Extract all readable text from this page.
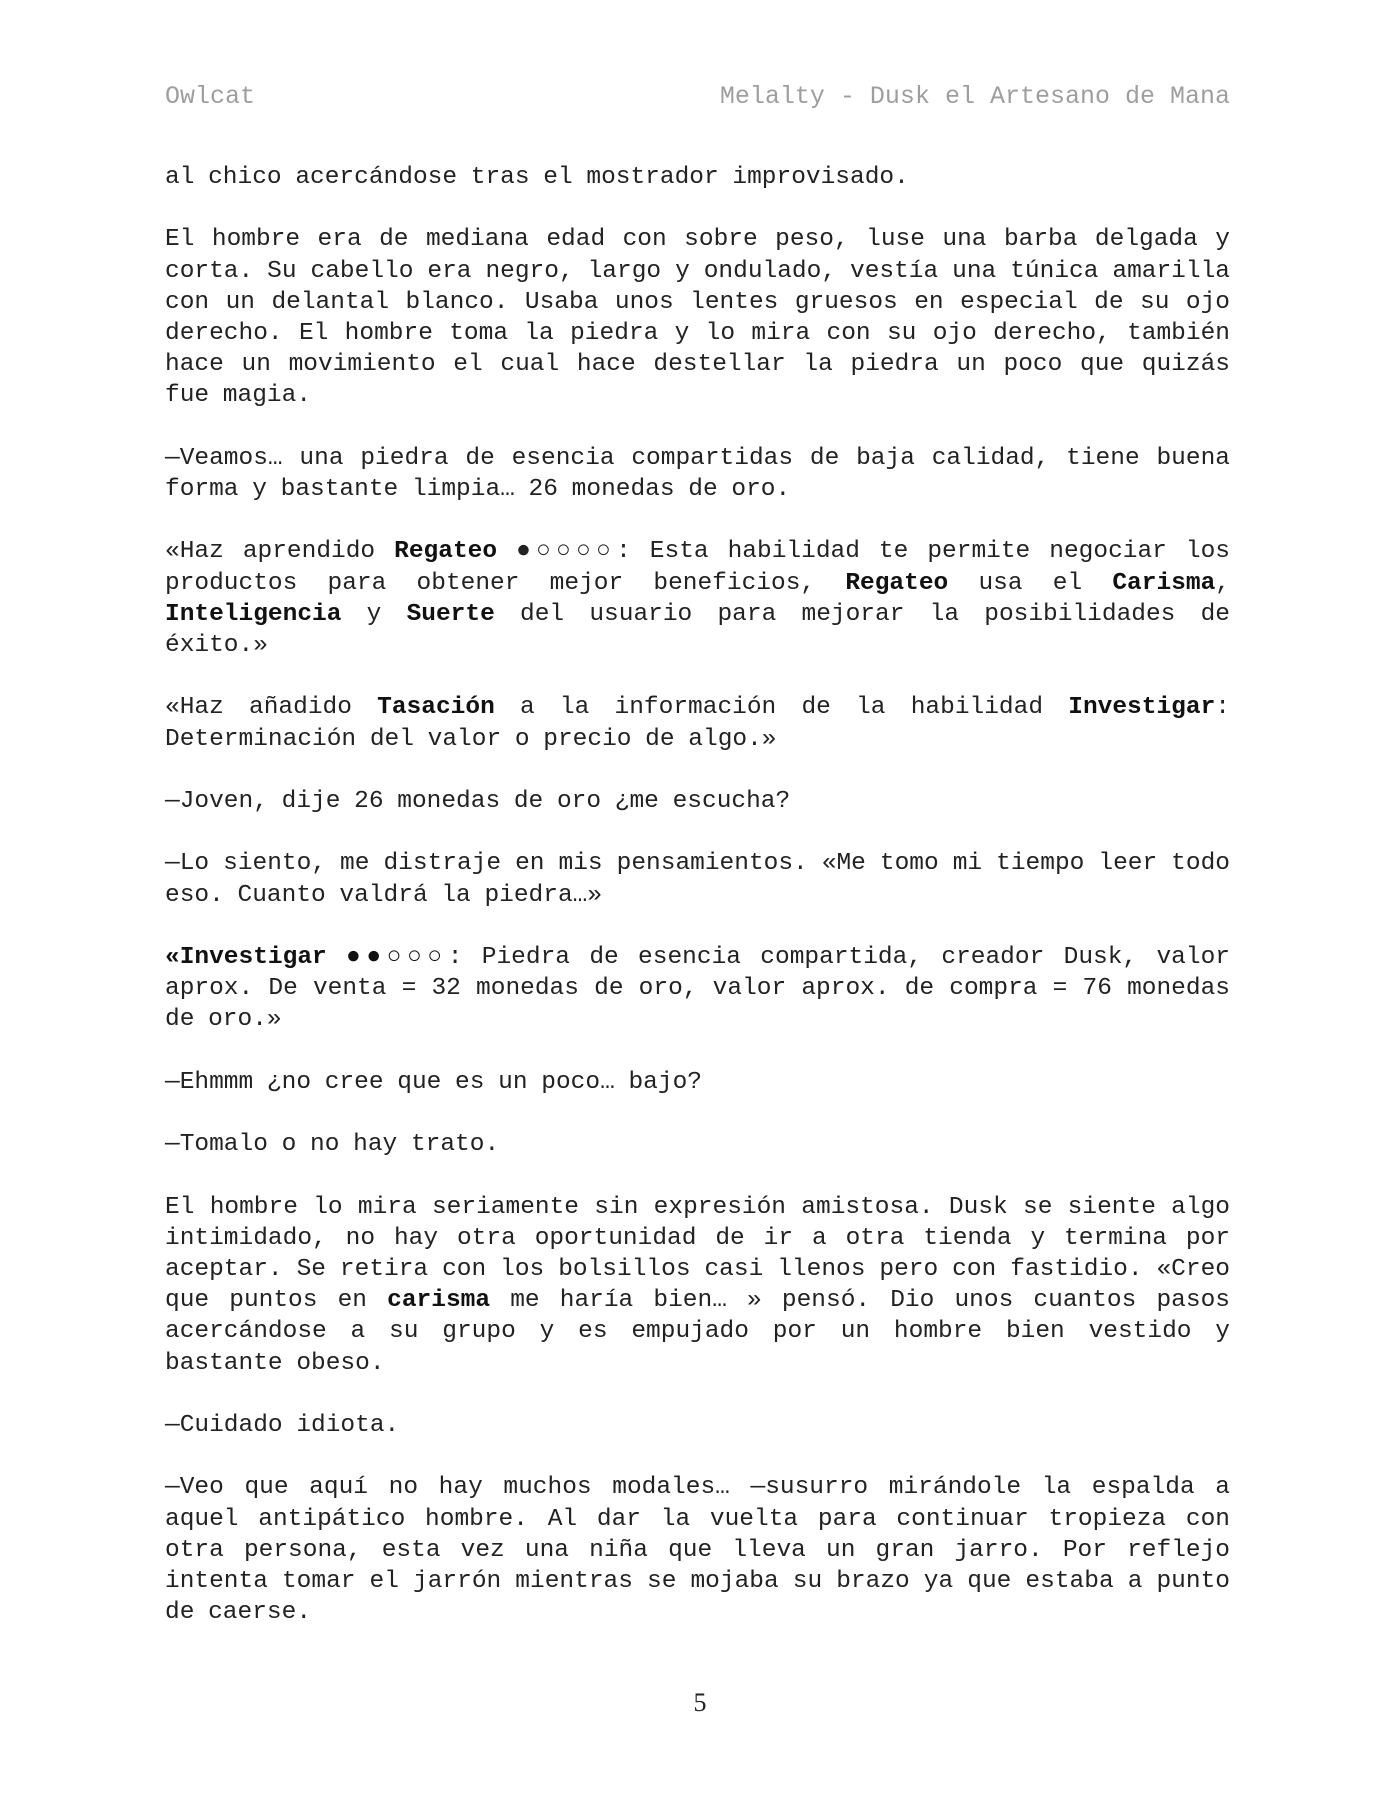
Owlcat	Melalty - Dusk el Artesano de Mana

al chico acercándose tras el mostrador improvisado.

El hombre era de mediana edad con sobre peso, luse una barba delgada y corta. Su cabello era negro, largo y ondulado, vestía una túnica amarilla con un delantal blanco. Usaba unos lentes gruesos en especial de su ojo derecho. El hombre toma la piedra y lo mira con su ojo derecho, también hace un movimiento el cual hace destellar la piedra un poco que quizás fue magia.

—Veamos… una piedra de esencia compartidas de baja calidad, tiene buena forma y bastante limpia… 26 monedas de oro.

«Haz aprendido Regateo ●○○○○: Esta habilidad te permite negociar los productos para obtener mejor beneficios, Regateo usa el Carisma, Inteligencia y Suerte del usuario para mejorar la posibilidades de éxito.»

«Haz añadido Tasación a la información de la habilidad Investigar: Determinación del valor o precio de algo.»

—Joven, dije 26 monedas de oro ¿me escucha?

—Lo siento, me distraje en mis pensamientos. «Me tomo mi tiempo leer todo eso. Cuanto valdrá la piedra…»

«Investigar ●●○○○: Piedra de esencia compartida, creador Dusk, valor aprox. De venta = 32 monedas de oro, valor aprox. de compra = 76 monedas de oro.»

—Ehmmm ¿no cree que es un poco… bajo?

—Tomalo o no hay trato.

El hombre lo mira seriamente sin expresión amistosa. Dusk se siente algo intimidado, no hay otra oportunidad de ir a otra tienda y termina por aceptar. Se retira con los bolsillos casi llenos pero con fastidio. «Creo que puntos en carisma me haría bien… » pensó. Dio unos cuantos pasos acercándose a su grupo y es empujado por un hombre bien vestido y bastante obeso.

—Cuidado idiota.

—Veo que aquí no hay muchos modales… —susurro mirándole la espalda a aquel antipático hombre. Al dar la vuelta para continuar tropieza con otra persona, esta vez una niña que lleva un gran jarro. Por reflejo intenta tomar el jarrón mientras se mojaba su brazo ya que estaba a punto de caerse.

5
